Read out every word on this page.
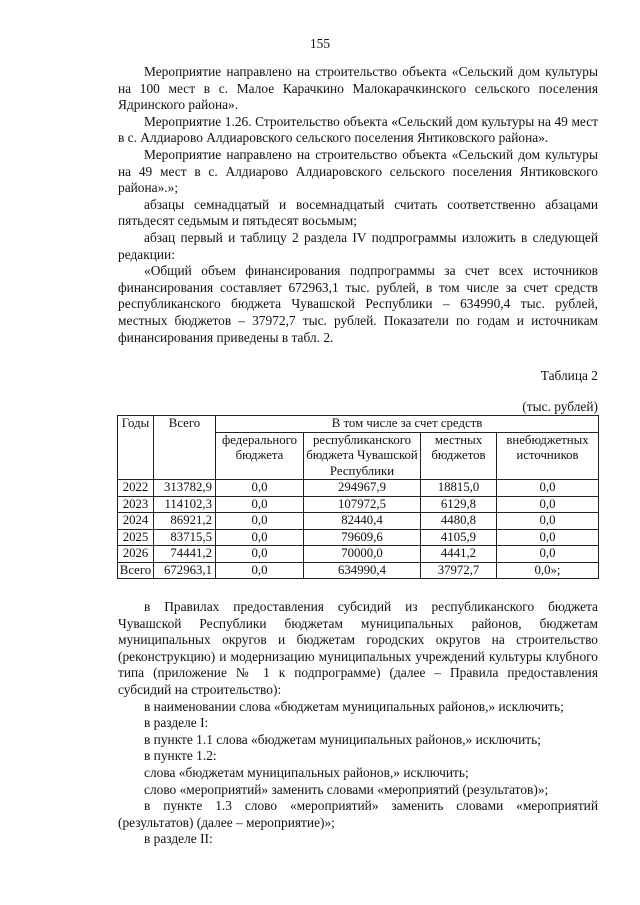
155

Мероприятие направлено на строительство объекта «Сельский дом культуры на 100 мест в с. Малое Карачкино Малокарачкинского сельского поселения Ядринского района».

Мероприятие 1.26. Строительство объекта «Сельский дом культуры на 49 мест в с. Алдиарово Алдиаровского сельского поселения Янтиковского района».

Мероприятие направлено на строительство объекта «Сельский дом культуры на 49 мест в с. Алдиарово Алдиаровского сельского поселения Янтиковского района».»;

абзацы семнадцатый и восемнадцатый считать соответственно абзацами пятьдесят седьмым и пятьдесят восьмым;

абзац первый и таблицу 2 раздела IV подпрограммы изложить в следующей редакции:

«Общий объем финансирования подпрограммы за счет всех источников финансирования составляет 672963,1 тыс. рублей, в том числе за счет средств республиканского бюджета Чувашской Республики – 634990,4 тыс. рублей, местных бюджетов – 37972,7 тыс. рублей. Показатели по годам и источникам финансирования приведены в табл. 2.

Таблица 2
(тыс. рублей)
Годы	Всего	В том числе за счет средств			
		федерального бюджета	республиканского бюджета Чувашской Республики	местных бюджетов	внебюджетных источников
2022	313782,9	0,0	294967,9	18815,0	0,0
2023	114102,3	0,0	107972,5	6129,8	0,0
2024	86921,2	0,0	82440,4	4480,8	0,0
2025	83715,5	0,0	79609,6	4105,9	0,0
2026	74441,2	0,0	70000,0	4441,2	0,0
Всего	672963,1	0,0	634990,4	37972,7	0,0»;

в Правилах предоставления субсидий из республиканского бюджета Чувашской Республики бюджетам муниципальных районов, бюджетам муниципальных округов и бюджетам городских округов на строительство (реконструкцию) и модернизацию муниципальных учреждений культуры клубного типа (приложение № 1 к подпрограмме) (далее – Правила предоставления субсидий на строительство):

в наименовании слова «бюджетам муниципальных районов,» исключить;

в разделе I:

в пункте 1.1 слова «бюджетам муниципальных районов,» исключить;

в пункте 1.2:

слова «бюджетам муниципальных районов,» исключить;

слово «мероприятий» заменить словами «мероприятий (результатов)»;

в пункте 1.3 слово «мероприятий» заменить словами «мероприятий (результатов) (далее – мероприятие)»;

в разделе II:
